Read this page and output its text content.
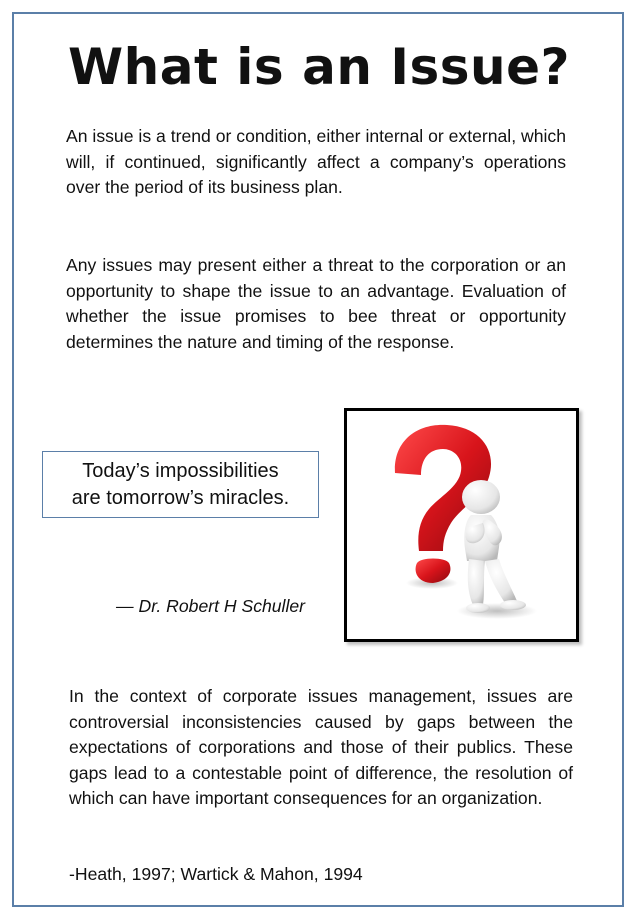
What is an Issue?

An issue is a trend or condition, either internal or external, which will, if continued, significantly affect a company’s operations over the period of its business plan.

Any issues may present either a threat to the corporation or an opportunity to shape the issue to an advantage. Evaluation of whether the issue promises to bee threat or opportunity determines the nature and timing of the response.

Today’s impossibilities
are tomorrow’s miracles.
— Dr. Robert H Schuller

In the context of corporate issues management, issues are controversial inconsistencies caused by gaps between the expectations of corporations and those of their publics. These gaps lead to a contestable point of difference, the resolution of which can have important consequences for an organization.

-Heath, 1997; Wartick & Mahon, 1994
